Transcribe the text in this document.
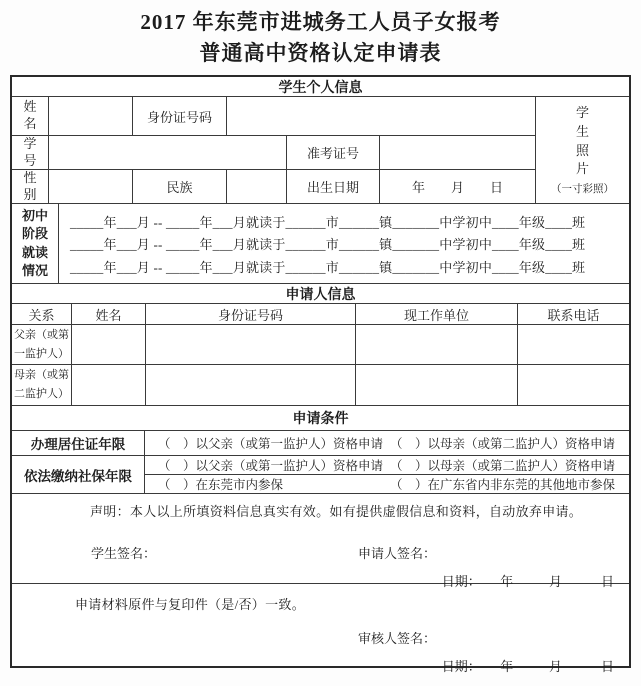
2017 年东莞市进城务工人员子女报考
普通高中资格认定申请表
学生个人信息
姓名	身份证号码
学号	准考证号
性别	民族	出生日期	年        月        日
学生照片
（一寸彩照）
初中阶段就读情况
_____年___月 -- _____年___月就读于______市______镇_______中学初中____年级____班
_____年___月 -- _____年___月就读于______市______镇_______中学初中____年级____班
_____年___月 -- _____年___月就读于______市______镇_______中学初中____年级____班
申请人信息
关系	姓名	身份证号码	现工作单位	联系电话
父亲（或第一监护人）
母亲（或第二监护人）
申请条件
办理居住证年限	（    ）以父亲（或第一监护人）资格申请 （    ）以母亲（或第二监护人）资格申请
依法缴纳社保年限
（    ）以父亲（或第一监护人）资格申请 （    ）以母亲（或第二监护人）资格申请
（    ）在东莞市内参保	（    ）在广东省内非东莞的其他地市参保
声明：本人以上所填资料信息真实有效。如有提供虚假信息和资料，自动放弃申请。
学生签名：	申请人签名：
日期：      年           月            日
申请材料原件与复印件（是/否）一致。
审核人签名：
日期：      年           月            日
